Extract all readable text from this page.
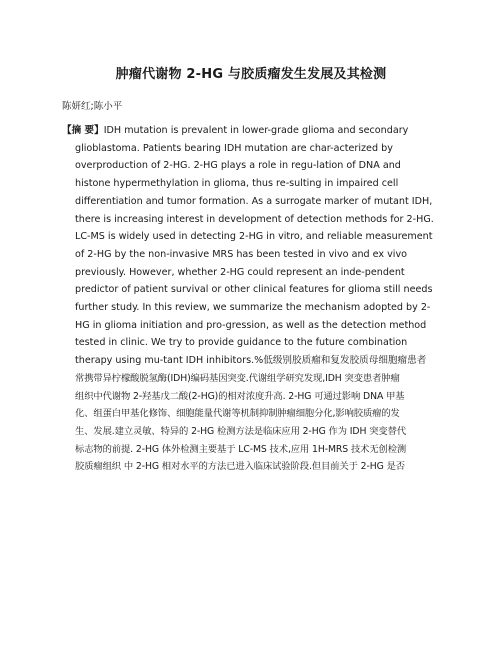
肿瘤代谢物 2-HG 与胶质瘤发生发展及其检测
陈妍红;陈小平
【摘 要】IDH mutation is prevalent in lower-grade glioma and secondary
glioblastoma. Patients bearing IDH mutation are char-acterized by
overproduction of 2-HG. 2-HG plays a role in regu-lation of DNA and
histone hypermethylation in glioma, thus re-sulting in impaired cell
differentiation and tumor formation. As a surrogate marker of mutant IDH,
there is increasing interest in development of detection methods for 2-HG.
LC-MS is widely used in detecting 2-HG in vitro, and reliable measurement
of 2-HG by the non-invasive MRS has been tested in vivo and ex vivo
previously. However, whether 2-HG could represent an inde-pendent
predictor of patient survival or other clinical features for glioma still needs
further study. In this review, we summarize the mechanism adopted by 2-
HG in glioma initiation and pro-gression, as well as the detection method
tested in clinic. We try to provide guidance to the future combination
therapy using mu-tant IDH inhibitors.%低级别胶质瘤和复发胶质母细胞瘤患者
常携带异柠檬酸脱氢酶(IDH)编码基因突变.代谢组学研究发现,IDH 突变患者肿瘤
组织中代谢物 2-羟基戊二酸(2-HG)的相对浓度升高. 2-HG 可通过影响 DNA 甲基
化、组蛋白甲基化修饰、细胞能量代谢等机制抑制肿瘤细胞分化,影响胶质瘤的发
生、发展.建立灵敏、特异的 2-HG 检测方法是临床应用 2-HG 作为 IDH 突变替代
标志物的前提. 2-HG 体外检测主要基于 LC-MS 技术,应用 1H-MRS 技术无创检测
胶质瘤组织 中 2-HG 相对水平的方法已进入临床试验阶段.但目前关于 2-HG 是否
